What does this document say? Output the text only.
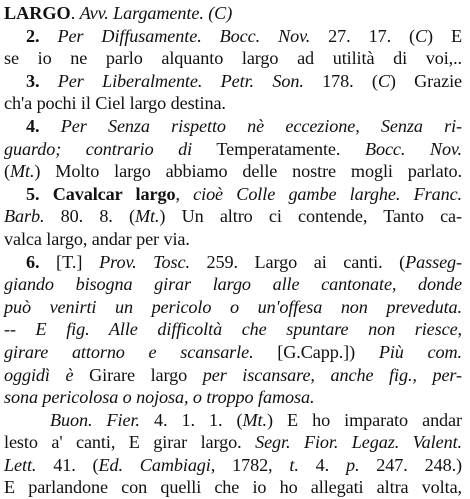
LARGO. Avv. Largamente. (C)
2. Per Diffusamente. Bocc. Nov. 27. 17. (C) E
se io ne parlo alquanto largo ad utilità di voi,..
3. Per Liberalmente. Petr. Son. 178. (C) Grazie
ch'a pochi il Ciel largo destina.
4. Per Senza rispetto nè eccezione, Senza ri-
guardo; contrario di Temperatamente. Bocc. Nov.
(Mt.) Molto largo abbiamo delle nostre mogli parlato.
5. Cavalcar largo, cioè Colle gambe larghe. Franc.
Barb. 80. 8. (Mt.) Un altro ci contende, Tanto ca-
valca largo, andar per via.
6. [T.] Prov. Tosc. 259. Largo ai canti. (Passeg-
giando bisogna girar largo alle cantonate, donde
può venirti un pericolo o un'offesa non preveduta.
-- E fig. Alle difficoltà che spuntare non riesce,
girare attorno e scansarle. [G.Capp.]) Più com.
oggidì è Girare largo per iscansare, anche fig., per-
sona pericolosa o nojosa, o troppo famosa.
Buon. Fier. 4. 1. 1. (Mt.) E ho imparato andar
lesto a' canti, E girar largo. Segr. Fior. Legaz. Valent.
Lett. 41. (Ed. Cambiagi, 1782, t. 4. p. 247. 248.)
E parlandone con quelli che io ho allegati altra volta,
